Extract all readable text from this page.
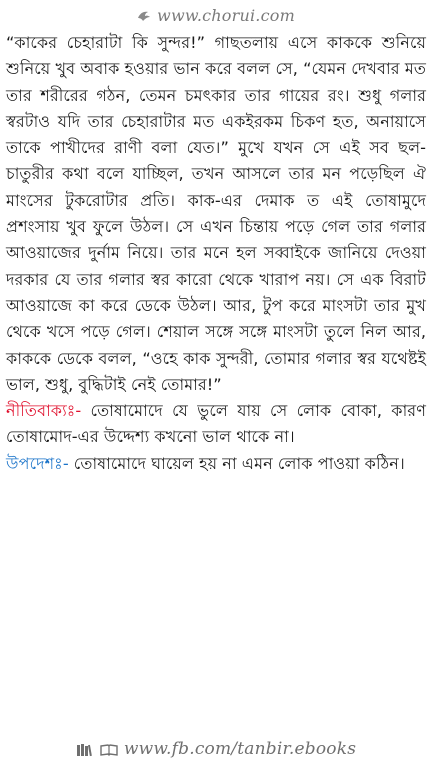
www.chorui.com

“কাকের চেহারাটা কি সুন্দর!” গাছতলায় এসে কাককে শুনিয়ে শুনিয়ে খুব অবাক হওয়ার ভান করে বলল সে, “যেমন দেখবার মত তার শরীরের গঠন, তেমন চমৎকার তার গায়ের রং। শুধু গলার স্বরটাও যদি তার চেহারাটার মত একইরকম চিকণ হত, অনায়াসে তাকে পাখীদের রাণী বলা যেত।” মুখে যখন সে এই সব ছল-চাতুরীর কথা বলে যাচ্ছিল, তখন আসলে তার মন পড়েছিল ঐ মাংসের টুকরোটার প্রতি। কাক-এর দেমাক ত এই তোষামুদে প্রশংসায় খুব ফুলে উঠল। সে এখন চিন্তায় পড়ে গেল তার গলার আওয়াজের দুর্নাম নিয়ে। তার মনে হল সব্বাইকে জানিয়ে দেওয়া দরকার যে তার গলার স্বর কারো থেকে খারাপ নয়। সে এক বিরাট আওয়াজে কা করে ডেকে উঠল। আর, টুপ করে মাংসটা তার মুখ থেকে খসে পড়ে গেল। শেয়াল সঙ্গে সঙ্গে মাংসটা তুলে নিল আর, কাককে ডেকে বলল, “ওহে কাক সুন্দরী, তোমার গলার স্বর যথেষ্টই ভাল, শুধু, বুদ্ধিটাই নেই তোমার!”

নীতিবাক্যঃ- তোষামোদে যে ভুলে যায় সে লোক বোকা, কারণ তোষামোদ-এর উদ্দেশ্য কখনো ভাল থাকে না।

উপদেশঃ- তোষামোদে ঘায়েল হয় না এমন লোক পাওয়া কঠিন।

www.fb.com/tanbir.ebooks
